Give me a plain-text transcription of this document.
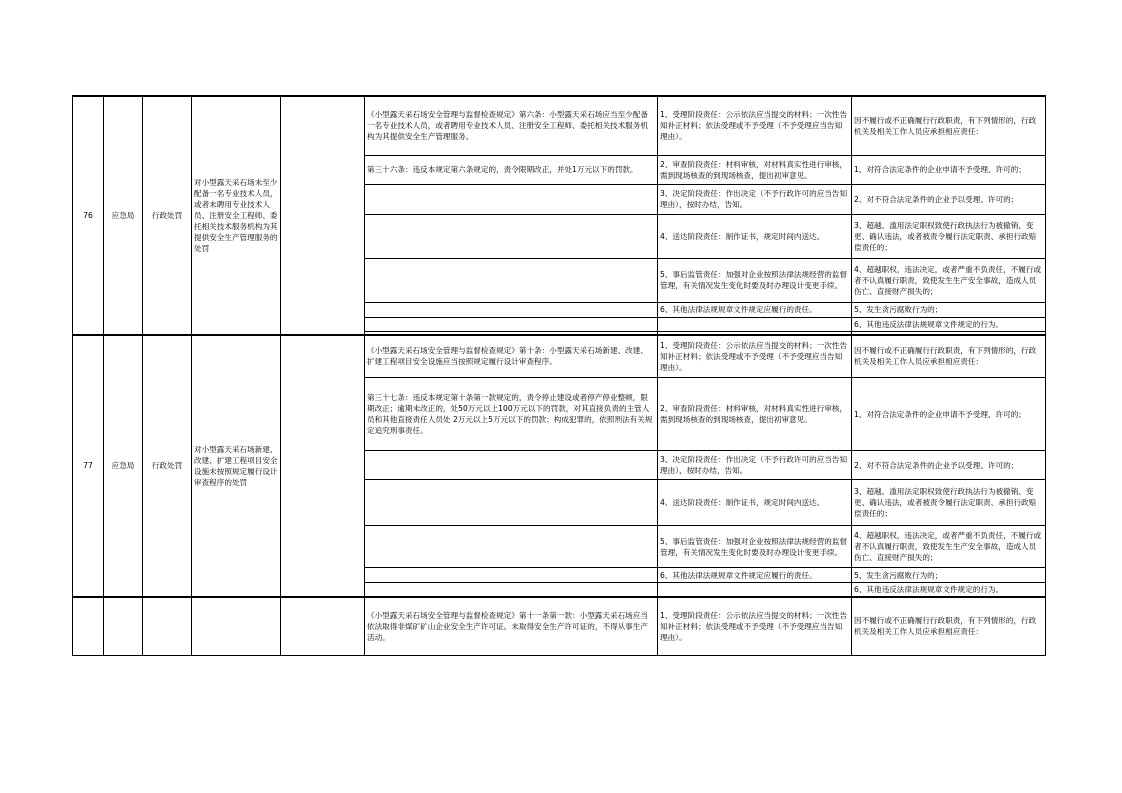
76	应急局	行政处罚	对小型露天采石场未至少配备一名专业技术人员，或者未聘用专业技术人员、注册安全工程师、委托相关技术服务机构为其提供安全生产管理服务的处罚		《小型露天采石场安全管理与监督检查规定》第六条：小型露天采石场应当至少配备一名专业技术人员，或者聘用专业技术人员、注册安全工程师、委托相关技术服务机构为其提供安全生产管理服务。	1、受理阶段责任：公示依法应当提交的材料；一次性告知补正材料；依法受理或不予受理（不予受理应当告知理由）。	因不履行或不正确履行行政职责，有下列情形的，行政机关及相关工作人员应承担相应责任：
					第三十六条：违反本规定第六条规定的，责令限期改正，并处1万元以下的罚款。	2、审查阶段责任：材料审核，对材料真实性进行审核，需到现场核查的到现场核查，提出初审意见。	1、对符合法定条件的企业申请不予受理、许可的；
						3、决定阶段责任：作出决定（不予行政许可的应当告知理由），按时办结，告知。	2、对不符合法定条件的企业予以受理、许可的；
						4、送达阶段责任：制作证书，规定时间内送达。	3、超越、滥用法定职权致使行政执法行为被撤销、变更、确认违法，或者被责令履行法定职责、承担行政赔偿责任的；
						5、事后监管责任：加强对企业按照法律法规经营的监督管理，有关情况发生变化时要及时办理设计变更手续。	4、超越职权，违法决定，或者严重不负责任，不履行或者不认真履行职责，致使发生生产安全事故，造成人员伤亡、直接财产损失的；
						6、其他法律法规规章文件规定应履行的责任。	5、发生贪污腐败行为的；
							6、其他违反法律法规规章文件规定的行为。

77	应急局	行政处罚	对小型露天采石场新建、改建、扩建工程项目安全设施未按照规定履行设计审查程序的处罚		《小型露天采石场安全管理与监督检查规定》第十条：小型露天采石场新建、改建、扩建工程项目安全设施应当按照规定履行设计审查程序。	1、受理阶段责任：公示依法应当提交的材料；一次性告知补正材料；依法受理或不予受理（不予受理应当告知理由）。	因不履行或不正确履行行政职责，有下列情形的，行政机关及相关工作人员应承担相应责任：
					第三十七条：违反本规定第十条第一款规定的，责令停止建设或者停产停业整顿，限期改正；逾期未改正的，处50万元以上100万元以下的罚款，对其直接负责的主管人员和其他直接责任人员处 2万元以上5万元以下的罚款；构成犯罪的，依照刑法有关规定追究刑事责任。	2、审查阶段责任：材料审核，对材料真实性进行审核，需到现场核查的到现场核查，提出初审意见。	1、对符合法定条件的企业申请不予受理、许可的；
						3、决定阶段责任：作出决定（不予行政许可的应当告知理由），按时办结，告知。	2、对不符合法定条件的企业予以受理、许可的；
						4、送达阶段责任：制作证书，规定时间内送达。	3、超越、滥用法定职权致使行政执法行为被撤销、变更、确认违法，或者被责令履行法定职责、承担行政赔偿责任的；
						5、事后监管责任：加强对企业按照法律法规经营的监督管理，有关情况发生变化时要及时办理设计变更手续。	4、超越职权，违法决定，或者严重不负责任，不履行或者不认真履行职责，致使发生生产安全事故，造成人员伤亡、直接财产损失的；
						6、其他法律法规规章文件规定应履行的责任。	5、发生贪污腐败行为的；
							6、其他违反法律法规规章文件规定的行为。
					《小型露天采石场安全管理与监督检查规定》第十一条第一款：小型露天采石场应当依法取得非煤矿矿山企业安全生产许可证。未取得安全生产许可证的，不得从事生产活动。	1、受理阶段责任：公示依法应当提交的材料；一次性告知补正材料；依法受理或不予受理（不予受理应当告知理由）。	因不履行或不正确履行行政职责，有下列情形的，行政机关及相关工作人员应承担相应责任：
